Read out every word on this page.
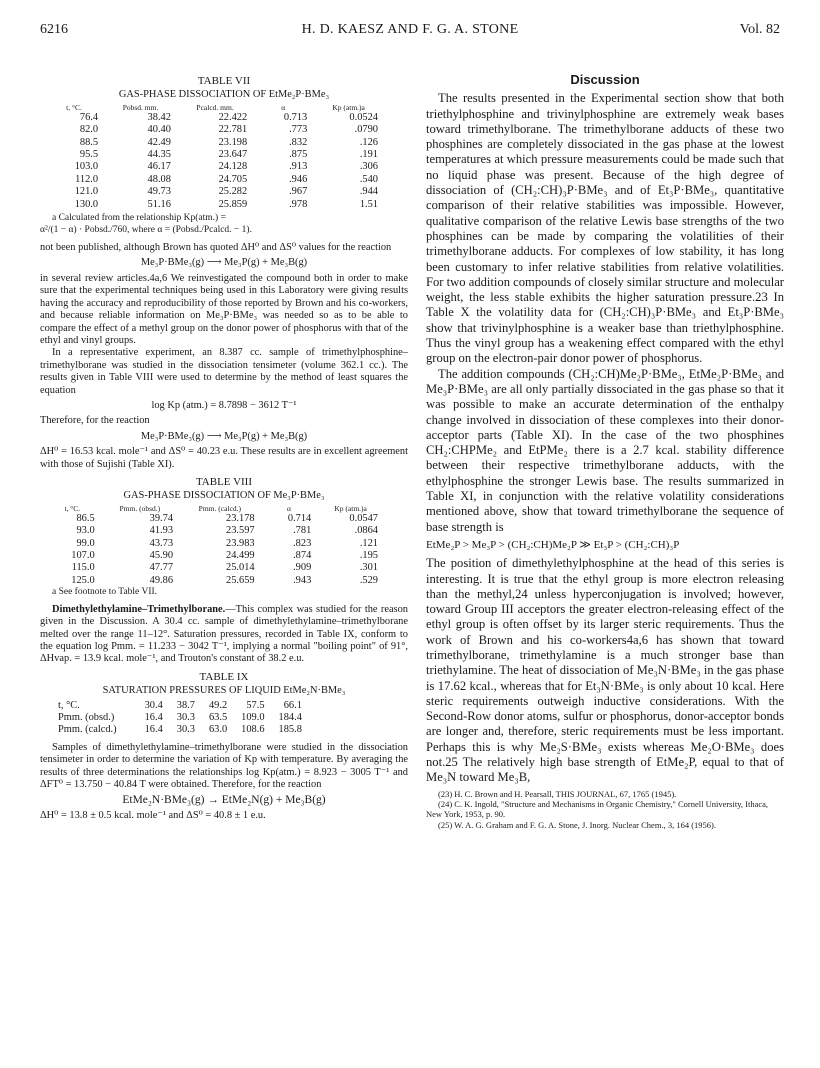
6216	H. D. KAESZ AND F. G. A. STONE	Vol. 82
TABLE VII
GAS-PHASE DISSOCIATION OF EtMe₂P·BMe₃
t, °C.	Pobsd. mm.	Pcalcd. mm.	α	Kp (atm.)a
76.4	38.42	22.422	0.713	0.0524
82.0	40.40	22.781	.773	.0790
88.5	42.49	23.198	.832	.126
95.5	44.35	23.647	.875	.191
103.0	46.17	24.128	.913	.306
112.0	48.08	24.705	.946	.540
121.0	49.73	25.282	.967	.944
130.0	51.16	25.859	.978	1.51

a Calculated from the relationship Kp(atm.) =

α²/(1 − α) · Pobsd./760, where α = (Pobsd./Pcalcd. − 1).

not been published, although Brown has quoted ΔH⁰ and ΔS⁰ values for the reaction

Me₃P·BMe₃(g) ⟶ Me₃P(g) + Me₃B(g)

in several review articles.4a,6 We reinvestigated the compound both in order to make sure that the experimental techniques being used in this Laboratory were giving results having the accuracy and reproducibility of those reported by Brown and his co-workers, and because reliable information on Me₃P·BMe₃ was needed so as to be able to compare the effect of a methyl group on the donor power of phosphorus with that of the ethyl and vinyl groups.

In a representative experiment, an 8.387 cc. sample of trimethylphosphine–trimethylborane was studied in the dissociation tensimeter (volume 362.1 cc.). The results given in Table VIII were used to determine by the method of least squares the equation

log Kp (atm.) = 8.7898 − 3612 T⁻¹

Therefore, for the reaction

Me₃P·BMe₃(g) ⟶ Me₃P(g) + Me₃B(g)

ΔH⁰ = 16.53 kcal. mole⁻¹ and ΔS⁰ = 40.23 e.u. These results are in excellent agreement with those of Sujishi (Table XI).

TABLE VIII
GAS-PHASE DISSOCIATION OF Me₃P·BMe₃
t, °C.	Pmm. (obsd.)	Pmm. (calcd.)	α	Kp (atm.)a
86.5	39.74	23.178	0.714	0.0547
93.0	41.93	23.597	.781	.0864
99.0	43.73	23.983	.823	.121
107.0	45.90	24.499	.874	.195
115.0	47.77	25.014	.909	.301
125.0	49.86	25.659	.943	.529

a See footnote to Table VII.

Dimethylethylamine–Trimethylborane.—This complex was studied for the reason given in the Discussion. A 30.4 cc. sample of dimethylethylamine–trimethylborane melted over the range 11–12°. Saturation pressures, recorded in Table IX, conform to the equation log Pmm. = 11.233 − 3042 T⁻¹, implying a normal "boiling point" of 91°, ΔHvap. = 13.9 kcal. mole⁻¹, and Trouton's constant of 38.2 e.u.

TABLE IX
SATURATION PRESSURES OF LIQUID EtMe₂N·BMe₃
t, °C.	30.4	38.7	49.2	57.5	66.1
Pmm. (obsd.)	16.4	30.3	63.5	109.0	184.4
Pmm. (calcd.)	16.4	30.3	63.0	108.6	185.8

Samples of dimethylethylamine–trimethylborane were studied in the dissociation tensimeter in order to determine the variation of Kp with temperature. By averaging the results of three determinations the relationships log Kp(atm.) = 8.923 − 3005 T⁻¹ and ΔFT⁰ = 13.750 − 40.84 T were obtained. Therefore, for the reaction

EtMe₂N·BMe₃(g) → EtMe₂N(g) + Me₃B(g)

ΔH⁰ = 13.8 ± 0.5 kcal. mole⁻¹ and ΔS⁰ = 40.8 ± 1 e.u.

Discussion

The results presented in the Experimental section show that both triethylphosphine and trivinylphosphine are extremely weak bases toward trimethylborane. The trimethylborane adducts of these two phosphines are completely dissociated in the gas phase at the lowest temperatures at which pressure measurements could be made such that no liquid phase was present. Because of the high degree of dissociation of (CH₂:CH)₃P·BMe₃ and of Et₃P·BMe₃, quantitative comparison of their relative stabilities was impossible. However, qualitative comparison of the relative Lewis base strengths of the two phosphines can be made by comparing the volatilities of their trimethylborane adducts. For complexes of low stability, it has long been customary to infer relative stabilities from relative volatilities. For two addition compounds of closely similar structure and molecular weight, the less stable exhibits the higher saturation pressure.23 In Table X the volatility data for (CH₂:CH)₃P·BMe₃ and Et₃P·BMe₃ show that trivinylphosphine is a weaker base than triethylphosphine. Thus the vinyl group has a weakening effect compared with the ethyl group on the electron-pair donor power of phosphorus.

The addition compounds (CH₂:CH)Me₂P·BMe₃, EtMe₂P·BMe₃ and Me₃P·BMe₃ are all only partially dissociated in the gas phase so that it was possible to make an accurate determination of the enthalpy change involved in dissociation of these complexes into their donor-acceptor parts (Table XI). In the case of the two phosphines CH₂:CHPMe₂ and EtPMe₂ there is a 2.7 kcal. stability difference between their respective trimethylborane adducts, with the ethylphosphine the stronger Lewis base. The results summarized in Table XI, in conjunction with the relative volatility considerations mentioned above, show that toward trimethylborane the sequence of base strength is

EtMe₂P > Me₃P > (CH₂:CH)Me₂P ≫ Et₃P > (CH₂:CH)₃P

The position of dimethylethylphosphine at the head of this series is interesting. It is true that the ethyl group is more electron releasing than the methyl,24 unless hyperconjugation is involved; however, toward Group III acceptors the greater electron-releasing effect of the ethyl group is often offset by its larger steric requirements. Thus the work of Brown and his co-workers4a,6 has shown that toward trimethylborane, trimethylamine is a much stronger base than triethylamine. The heat of dissociation of Me₃N·BMe₃ in the gas phase is 17.62 kcal., whereas that for Et₃N·BMe₃ is only about 10 kcal. Here steric requirements outweigh inductive considerations. With the Second-Row donor atoms, sulfur or phosphorus, donor-acceptor bonds are longer and, therefore, steric requirements must be less important. Perhaps this is why Me₂S·BMe₃ exists whereas Me₂O·BMe₃ does not.25 The relatively high base strength of EtMe₂P, equal to that of Me₃N toward Me₃B,

(23) H. C. Brown and H. Pearsall, THIS JOURNAL, 67, 1765 (1945).
(24) C. K. Ingold, "Structure and Mechanisms in Organic Chemistry," Cornell University, Ithaca, New York, 1953, p. 90.
(25) W. A. G. Graham and F. G. A. Stone, J. Inorg. Nuclear Chem., 3, 164 (1956).
